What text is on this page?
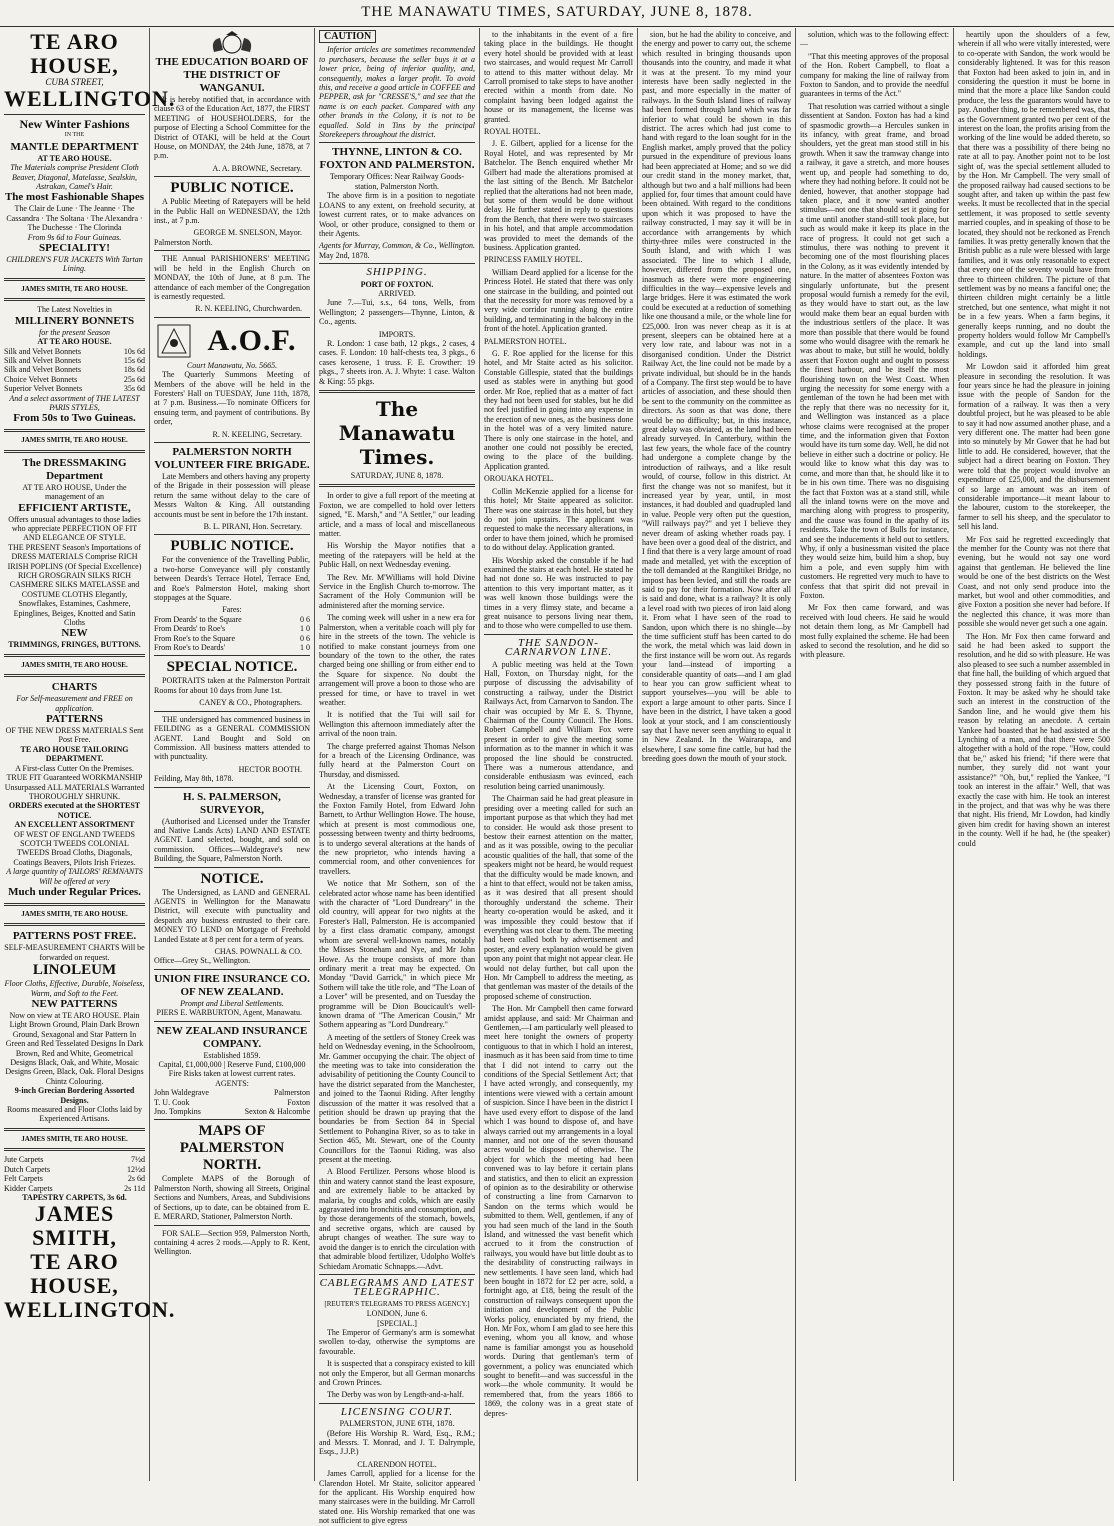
THE MANAWATU TIMES, SATURDAY, JUNE 8, 1878.
TE ARO HOUSE,
CUBA STREET,
WELLINGTON.
New Winter Fashions
IN THE
MANTLE DEPARTMENT
AT TE ARO HOUSE.
The Materials comprise President Cloth Beaver, Diagonal, Matelasse, Sealskin, Astrakan, Camel's Hair.
The most Fashionable Shapes
The Clair de Lune · The Jeanne · The Cassandra · The Soltana · The Alexandra · The Duchesse · The Clorinda
From 9s 6d to Four Guineas.
SPECIALITY!
CHILDREN'S FUR JACKETS With Tartan Lining.
JAMES SMITH, TE ARO HOUSE.
The Latest Novelties in
MILLINERY BONNETS
for the present Season
AT TE ARO HOUSE.
Silk and Velvet Bonnets	10s 6d
Silk and Velvet Bonnets	15s 6d
Silk and Velvet Bonnets	18s 6d
Choice Velvet Bonnets	25s 6d
Superior Velvet Bonnets	35s 6d
And a select assortment of THE LATEST PARIS STYLES,
From 50s to Two Guineas.
JAMES SMITH, TE ARO HOUSE.
The DRESSMAKING Department
AT TE ARO HOUSE, Under the management of an
EFFICIENT ARTISTE,
Offers unusual advantages to those ladies who appreciate PERFECTION OF FIT AND ELEGANCE OF STYLE.
THE PRESENT Season's Importations of DRESS MATERIALS Comprise RICH IRISH POPLINS (Of Special Excellence) RICH GROSGRAIN SILKS RICH CASHMERE SILKS MATELASSE and COSTUME CLOTHS Elegantly, Snowflakes, Estamines, Cashmere, Epinglines, Beiges, Knotted and Satin Cloths
NEW
TRIMMINGS, FRINGES, BUTTONS.
JAMES SMITH, TE ARO HOUSE.
CHARTS
For Self-measurement and FREE on application.
PATTERNS
OF THE NEW DRESS MATERIALS Sent Post Free.
TE ARO HOUSE TAILORING DEPARTMENT.
A First-class Cutter On the Premises.
TRUE FIT Guaranteed WORKMANSHIP Unsurpassed ALL MATERIALS Warranted THOROUGHLY SHRUNK.
ORDERS executed at the SHORTEST NOTICE.
AN EXCELLENT ASSORTMENT
OF WEST OF ENGLAND TWEEDS SCOTCH TWEEDS COLONIAL TWEEDS Broad Cloths, Diagonals, Coatings Beavers, Pilots Irish Friezes.
A large quantity of TAILORS' REMNANTS Will be offered at very
Much under Regular Prices.
JAMES SMITH, TE ARO HOUSE.
PATTERNS POST FREE.
SELF-MEASUREMENT CHARTS Will be forwarded on request.
LINOLEUM
Floor Cloths, Effective, Durable, Noiseless, Warm, and Soft to the Feet.
NEW PATTERNS
Now on view at TE ARO HOUSE. Plain Light Brown Ground, Plain Dark Brown Ground, Sexagonal and Star Pattern In Green and Red Tesselated Designs In Dark Brown, Red and White, Geometrical Designs Black, Oak, and White, Mosaic Designs Green, Black, Oak. Floral Designs Chintz Colouring.
9-inch Grecian Bordering Assorted Designs.
Rooms measured and Floor Cloths laid by Experienced Artisans.
JAMES SMITH, TE ARO HOUSE.
Jute Carpets	7½d
Dutch Carpets	12½d
Felt Carpets	2s 6d
Kidder Carpets	2s 11d
TAPESTRY CARPETS, 3s 6d.
JAMES SMITH,
TE ARO HOUSE,
WELLINGTON.
THE EDUCATION BOARD OF THE DISTRICT OF WANGANUI.

It is hereby notified that, in accordance with clause 63 of the Education Act, 1877, the FIRST MEETING of HOUSEHOLDERS, for the purpose of Electing a School Committee for the District of OTAKI, will be held at the Court House, on MONDAY, the 24th June, 1878, at 7 p.m.

A. A. BROWNE, Secretary.
PUBLIC NOTICE.

A Public Meeting of Ratepayers will be held in the Public Hall on WEDNESDAY, the 12th inst., at 7 p.m.

GEORGE M. SNELSON, Mayor.
Palmerston North.

THE Annual PARISHIONERS' MEETING will be held in the English Church on MONDAY, the 10th of June, at 8 p.m. The attendance of each member of the Congregation is earnestly requested.

R. N. KEELING, Churchwarden.
A.O.F.
Court Manawatu, No. 5665.

The Quarterly Summons Meeting of Members of the above will be held in the Foresters' Hall on TUESDAY, June 11th, 1878, at 7 p.m. Business.—To nominate Officers for ensuing term, and payment of contributions. By order,

R. N. KEELING, Secretary.
PALMERSTON NORTH VOLUNTEER FIRE BRIGADE.

Late Members and others having any property of the Brigade in their possession will please return the same without delay to the care of Messrs Walton & King. All outstanding accounts must be sent in before the 17th instant.

B. L. PIRANI, Hon. Secretary.
PUBLIC NOTICE.

For the convenience of the Travelling Public, a two-horse Conveyance will ply constantly between Deards's Terrace Hotel, Terrace End, and Roe's Palmerston Hotel, making short stoppages at the Square.

Fares:
From Deards' to the Square	0 6
From Deards' to Roe's	1 0
From Roe's to the Square	0 6
From Roe's to Deards'	1 0
SPECIAL NOTICE.

PORTRAITS taken at the Palmerston Portrait Rooms for about 10 days from June 1st.

CANEY & CO., Photographers.

THE undersigned has commenced business in FEILDING as a GENERAL COMMISSION AGENT. Land Bought and Sold on Commission. All business matters attended to with punctuality.

HECTOR BOOTH.
Feilding, May 8th, 1878.
H. S. PALMERSON, SURVEYOR,

(Authorised and Licensed under the Transfer and Native Lands Acts) LAND AND ESTATE AGENT. Land selected, bought, and sold on commission. Offices—Waldegrave's new Building, the Square, Palmerston North.

NOTICE.

The Undersigned, as LAND and GENERAL AGENTS in Wellington for the Manawatu District, will execute with punctuality and despatch any business entrusted to their care. MONEY TO LEND on Mortgage of Freehold Landed Estate at 8 per cent for a term of years.

CHAS. POWNALL & CO.
Office—Grey St., Wellington.
UNION FIRE INSURANCE CO. OF NEW ZEALAND.
Prompt and Liberal Settlements.
PIERS E. WARBURTON, Agent, Manawatu.
NEW ZEALAND INSURANCE COMPANY.
Established 1859.
Capital, £1,000,000 | Reserve Fund, £100,000
Fire Risks taken at lowest current rates.
AGENTS:
John Waldegrave	Palmerston
T. U. Cook	Foxton
Jno. Tompkins	Sexton & Halcombe
MAPS OF PALMERSTON NORTH.

Complete MAPS of the Borough of Palmerston North, showing all Streets, Original Sections and Numbers, Areas, and Subdivisions of Sections, up to date, can be obtained from E. E. MERARD, Stationer, Palmerston North.

FOR SALE—Section 959, Palmerston North, containing 4 acres 2 roods.—Apply to R. Kent, Wellington.

CAUTION

Inferior articles are sometimes recommended to purchasers, because the seller buys it at a lower price, being of inferior quality, and, consequently, makes a larger profit. To avoid this, and receive a good article in COFFEE and PEPPER, ask for "CRESSE'S," and see that the name is on each packet. Compared with any other brands in the Colony, it is not to be equalled. Sold in Tins by the principal Storekeepers throughout the district.

THYNNE, LINTON & CO. FOXTON AND PALMERSTON.
Temporary Offices: Near Railway Goods-station, Palmerston North.

The above firm is in a position to negotiate LOANS to any extent, on freehold security, at lowest current rates, or to make advances on Wool, or other produce, consigned to them or their Agents.

Agents for Murray, Common, & Co., Wellington.
May 2nd, 1878.
SHIPPING.
PORT OF FOXTON.
ARRIVED.

June 7.—Tui, s.s., 64 tons, Wells, from Wellington; 2 passengers—Thynne, Linton, & Co., agents.

IMPORTS.

R. London: 1 case bath, 12 pkgs., 2 cases, 4 cases. F. London: 10 half-chests tea, 3 pkgs., 6 cases kerosene, 1 truss. F. E. Crowther: 19 pkgs., 7 sheets iron. A. J. Whyte: 1 case. Walton & King: 55 pkgs.

The Manawatu Times.
SATURDAY, JUNE 8, 1878.

In order to give a full report of the meeting at Foxton, we are compelled to hold over letters signed, "E. Marsh," and "A Settler," our leading article, and a mass of local and miscellaneous matter.

His Worship the Mayor notifies that a meeting of the ratepayers will be held at the Public Hall, on next Wednesday evening.

The Rev. Mr. M'Williams will hold Divine Service in the English Church to-morrow. The Sacrament of the Holy Communion will be administered after the morning service.

The coming week will usher in a new era for Palmerston, when a veritable coach will ply for hire in the streets of the town. The vehicle is notified to make constant journeys from one boundary of the town to the other, the rates charged being one shilling or from either end to the Square for sixpence. No doubt the arrangement will prove a boon to those who are pressed for time, or have to travel in wet weather.

It is notified that the Tui will sail for Wellington this afternoon immediately after the arrival of the noon train.

The charge preferred against Thomas Nelson for a breach of the Licensing Ordinance, was fully heard at the Palmerston Court on Thursday, and dismissed.

At the Licensing Court, Foxton, on Wednesday, a transfer of license was granted for the Foxton Family Hotel, from Edward John Barnett, to Arthur Wellington Howe. The house, which at present is most commodious one, possessing between twenty and thirty bedrooms, is to undergo several alterations at the hands of the new proprietor, who intends having a commercial room, and other conveniences for travellers.

We notice that Mr Sothern, son of the celebrated actor whose name has been identified with the character of "Lord Dundreary" in the old country, will appear for two nights at the Forester's Hall, Palmerston. He is accompanied by a first class dramatic company, amongst whom are several well-known names, notably the Misses Stoneham and Nye, and Mr John Howe. As the troupe consists of more than ordinary merit a treat may be expected. On Monday "David Garrick," in which piece Mr Sothern will take the title role, and "The Loan of a Lover" will be presented, and on Tuesday the programme will be Dion Boucicault's well-known drama of "The American Cousin," Mr Sothern appearing as "Lord Dundreary."

A meeting of the settlers of Stoney Creek was held on Wednesday evening, in the Schoolroom, Mr. Gammer occupying the chair. The object of the meeting was to take into consideration the advisability of petitioning the County Council to have the district separated from the Manchester, and joined to the Taonui Riding. After lengthy discussion of the matter it was resolved that a petition should be drawn up praying that the boundaries be from Section 84 in Special Settlement to Pohangina River, so as to take in Section 465, Mt. Stewart, one of the County Councillors for the Taonui Riding, was also present at the meeting.

A Blood Fertilizer. Persons whose blood is thin and watery cannot stand the least exposure, and are extremely liable to be attacked by malaria, by coughs and colds, which are easily aggravated into bronchitis and consumption, and by those derangements of the stomach, bowels, and secretive organs, which are caused by abrupt changes of weather. The sure way to avoid the danger is to enrich the circulation with that admirable blood fertilizer, Udolpho Wolfe's Schiedam Aromatic Schnapps.—Advt.

CABLEGRAMS AND LATEST TELEGRAPHIC.
[REUTER'S TELEGRAMS TO PRESS AGENCY.]
LONDON, June 6.
[SPECIAL.]

The Emperor of Germany's arm is somewhat swollen to-day, otherwise the symptoms are favourable.

It is suspected that a conspiracy existed to kill not only the Emperor, but all German monarchs and Crown Princes.

The Derby was won by Length-and-a-half.

LICENSING COURT.
PALMERSTON, JUNE 6TH, 1878.

(Before His Worship R. Ward, Esq., R.M.; and Messrs. T. Monrad, and J. T. Dalrymple, Esqs., J.J.P.)

CLARENDON HOTEL.

James Carroll, applied for a license for the Clarendon Hotel. Mr Staite, solicitor appeared for the applicant. His Worship enquired how many staircases were in the building. Mr Carroll stated one. His Worship remarked that one was not sufficient to give egress

to the inhabitants in the event of a fire taking place in the buildings. He thought every hotel should be provided with at least two staircases, and would request Mr Carroll to attend to this matter without delay. Mr Carroll promised to take steps to have another erected within a month from date. No complaint having been lodged against the house or its management, the license was granted.

ROYAL HOTEL.

J. E. Gilbert, applied for a license for the Royal Hotel, and was represented by Mr Batchelor. The Bench enquired whether Mr Gilbert had made the alterations promised at the last sitting of the Bench. Mr Batchelor replied that the alterations had not been made, but some of them would be done without delay. He further stated in reply to questions from the Bench, that there were two staircases in his hotel, and that ample accommodation was provided to meet the demands of the business. Application granted.

PRINCESS FAMILY HOTEL.

William Deard applied for a license for the Princess Hotel. He stated that there was only one staircase in the building, and pointed out that the necessity for more was removed by a very wide corridor running along the entire building, and terminating in the balcony in the front of the hotel. Application granted.

PALMERSTON HOTEL.

G. F. Roe applied for the license for this hotel, and Mr Staite acted as his solicitor. Constable Gillespie, stated that the buildings used as stables were in anything but good order. Mr Roe, replied that as a matter of fact they had not been used for stables, but he did not feel justified in going into any expense in the erection of new ones, as the business done in the hotel was of a very limited nature. There is only one staircase in the hotel, and another one could not possibly be erected, owing to the place of the building. Application granted.

OROUAKA HOTEL.

Collin McKenzie applied for a license for this hotel; Mr Staite appeared as solicitor. There was one staircase in this hotel, but they do not join upstairs. The applicant was requested to make the necessary alterations, in order to have them joined, which he promised to do without delay. Application granted.

His Worship asked the constable if he had examined the stairs at each hotel. He stated he had not done so. He was instructed to pay attention to this very important matter, as it was well known those buildings were the times in a very flimsy state, and became a great nuisance to persons living near them, and to those who were compelled to use them.

THE SANDON-CARNARVON LINE.

A public meeting was held at the Town Hall, Foxton, on Thursday night, for the purpose of discussing the advisability of constructing a railway, under the District Railways Act, from Carnarvon to Sandon. The chair was occupied by Mr E. S. Thynne, Chairman of the County Council. The Hons. Robert Campbell and William Fox were present in order to give the meeting some information as to the manner in which it was proposed the line should be constructed. There was a numerous attendance, and considerable enthusiasm was evinced, each resolution being carried unanimously.

The Chairman said he had great pleasure in presiding over a meeting called for such an important purpose as that which they had met to consider. He would ask those present to bestow their earnest attention on the matter, and as it was possible, owing to the peculiar acoustic qualities of the hall, that some of the speakers might not be heard, he would request that the difficulty would be made known, and a hint to that effect, would not be taken amiss, as it was desired that all present should thoroughly understand the scheme. Their hearty co-operation would be asked, and it was impossible they could bestow that if everything was not clear to them. The meeting had been called both by advertisement and poster, and every explanation would be given upon any point that might not appear clear. He would not delay further, but call upon the Hon. Mr Campbell to address the meeting, as that gentleman was master of the details of the proposed scheme of construction.

The Hon. Mr Campbell then came forward amidst applause, and said: Mr Chairman and Gentlemen,—I am particularly well pleased to meet here tonight the owners of property contiguous to that in which I hold an interest, inasmuch as it has been said from time to time that I did not intend to carry out the conditions of the Special Settlement Act; that I have acted wrongly, and consequently, my intentions were viewed with a certain amount of suspicion. Since I have been in the district I have used every effort to dispose of the land which I was bound to dispose of, and have always carried out my arrangements in a loyal manner, and not one of the seven thousand acres would be disposed of otherwise. The object for which the meeting had been convened was to lay before it certain plans and statistics, and then to elicit an expression of opinion as to the desirability or otherwise of constructing a line from Carnarvon to Sandon on the terms which would be submitted to them. Well, gentlemen, if any of you had seen much of the land in the South Island, and witnessed the vast benefit which accrued to it from the construction of railways, you would have but little doubt as to the desirability of constructing railways in new settlements. I have seen land, which had been bought in 1872 for £2 per acre, sold, a fortnight ago, at £18, being the result of the construction of railways consequent upon the initiation and development of the Public Works policy, enunciated by my friend, the Hon. Mr Fox, whom I am glad to see here this evening, whom you all know, and whose name is familiar amongst you as household words. During that gentleman's term of government, a policy was enunciated which sought to benefit—and was successful in the work—the whole community. It would be remembered that, from the years 1866 to 1869, the colony was in a great state of depres-

sion, but he had the ability to conceive, and the energy and power to carry out, the scheme which resulted in bringing thousands upon thousands into the country, and made it what it was at the present. To my mind your interests have been sadly neglected in the past, and more especially in the matter of railways. In the South Island lines of railway had been formed through land which was far inferior to what could be shown in this district. The acres which had just come to hand with regard to the loan sought for in the English market, amply proved that the policy pursued in the expenditure of previous loans had been appreciated at Home; and so we did our credit stand in the money market, that, although but two and a half millions had been applied for, four times that amount could have been obtained. With regard to the conditions upon which it was proposed to have the railway constructed, I may say it will be in accordance with arrangements by which thirty-three miles were constructed in the South Island, and with which I was associated. The line to which I allude, however, differed from the proposed one, inasmuch as there were more engineering difficulties in the way—expensive levels and large bridges. Here it was estimated the work could be executed at a reduction of something like one thousand a mile, or the whole line for £25,000. Iron was never cheap as it is at present, sleepers can be obtained here at a very low rate, and labour was not in a disorganised condition. Under the District Railway Act, the line could not be made by a private individual, but should be in the hands of a Company. The first step would be to have articles of association, and these should then be sent to the community on the committee as directors. As soon as that was done, there would be no difficulty; but, in this instance, great delay was obviated, as the land had been already surveyed. In Canterbury, within the last few years, the whole face of the country had undergone a complete change by the introduction of railways, and a like result would, of course, follow in this district. At first the change was not so manifest, but it increased year by year, until, in most instances, it had doubled and quadrupled land in value. People very often put the question, "Will railways pay?" and yet I believe they never dream of asking whether roads pay. I have been over a good deal of the district, and I find that there is a very large amount of road made and metalled, yet with the exception of the toll demanded at the Rangitikei Bridge, no impost has been levied, and still the roads are said to pay for their formation. Now after all is said and done, what is a railway? It is only a level road with two pieces of iron laid along it. From what I have seen of the road to Sandon, upon which there is no shingle—by the time sufficient stuff has been carted to do the work, the metal which was laid down in the first instance will be worn out. As regards your land—instead of importing a considerable quantity of oats—and I am glad to hear you can grow sufficient wheat to support yourselves—you will be able to export a large amount to other parts. Since I have been in the district, I have taken a good look at your stock, and I am conscientiously say that I have never seen anything to equal it in New Zealand. In the Wairarapa, and elsewhere, I saw some fine cattle, but had the breeding goes down the mouth of your stock.

solution, which was to the following effect:—

"That this meeting approves of the proposal of the Hon. Robert Campbell, to float a company for making the line of railway from Foxton to Sandon, and to provide the needful guarantees in terms of the Act."

That resolution was carried without a single dissentient at Sandon. Foxton has had a kind of spasmodic growth—a Hercules sunken in its infancy, with great frame, and broad shoulders, yet the great man stood still in his growth. When it saw the tramway change into a railway, it gave a stretch, and more houses went up, and people had something to do, where they had nothing before. It could not be denied, however, that another stoppage had taken place, and it now wanted another stimulus—not one that should set it going for a time until another stand-still took place, but such as would make it keep its place in the race of progress. It could not get such a stimulus, there was nothing to prevent it becoming one of the most flourishing places in the Colony, as it was evidently intended by nature. In the matter of absentees Foxton was singularly unfortunate, but the present proposal would furnish a remedy for the evil, as they would have to start out, as the law would make them bear an equal burden with the industrious settlers of the place. It was more than possible that there would be found some who would disagree with the remark he was about to make, but still he would, boldly assert that Foxton ought and ought to possess the finest harbour, and be itself the most flourishing town on the West Coast. When urging the necessity for some energy with a gentleman of the town he had been met with the reply that there was no necessity for it, and Wellington was instanced as a place whose claims were recognised at the proper time, and the information given that Foxton would have its turn some day. Well, he did not believe in either such a doctrine or policy. He would like to know what this day was to come, and more than that, he should like it to be in his own time. There was no disguising the fact that Foxton was at a stand still, while all the inland towns were on the move and marching along with progress to prosperity, and the cause was found in the apathy of its residents. Take the town of Bulls for instance, and see the inducements it held out to settlers. Why, if only a businessman visited the place they would seize him, build him a shop, buy him a pole, and even supply him with customers. He regretted very much to have to confess that that spirit did not prevail in Foxton.

Mr Fox then came forward, and was received with loud cheers. He said he would not detain them long, as Mr Campbell had most fully explained the scheme. He had been asked to second the resolution, and he did so with pleasure.

heartily upon the shoulders of a few, wherein if all who were vitally interested, were to co-operate with Sandon, the work would be considerably lightened. It was for this reason that Foxton had been asked to join in, and in considering the question it must be borne in mind that the more a place like Sandon could produce, the less the guarantors would have to pay. Another thing, to be remembered was, that as the Government granted two per cent of the interest on the loan, the profits arising from the working of the line would be added thereto, so that there was a possibility of there being no rate at all to pay. Another point not to be lost sight of, was the special settlement alluded to by the Hon. Mr Campbell. The very small of the proposed railway had caused sections to be sought after, and taken up within the past few weeks. It must be recollected that in the special settlement, it was proposed to settle seventy married couples, and in speaking of those to be located, they should not be reckoned as French families. It was pretty generally known that the British public as a rule were blessed with large families, and it was only reasonable to expect that every one of the seventy would have from three to thirteen children. The picture of that settlement was by no means a fanciful one; the thirteen children might certainly be a little stretched, but one sentence, what might it not be in a few years. When a farm begins, it generally keeps running, and no doubt the property holders would follow Mr Campbell's example, and cut up the land into small holdings.

Mr Lowdon said it afforded him great pleasure in seconding the resolution. It was four years since he had the pleasure in joining issue with the people of Sandon for the formation of a railway. It was then a very doubtful project, but he was pleased to be able to say it had now assumed another phase, and a very different one. The matter had been gone into so minutely by Mr Gower that he had but little to add. He considered, however, that the subject had a direct bearing on Foxton. They were told that the project would involve an expenditure of £25,000, and the disbursement of so large an amount was an item of considerable importance—it meant labour to the labourer, custom to the storekeeper, the farmer to sell his sheep, and the speculator to sell his land.

Mr Fox said he regretted exceedingly that the member for the County was not there that evening, but he would not say one word against that gentleman. He believed the line would be one of the best districts on the West Coast, and not only send produce into the market, but wool and other commodities, and give Foxton a position she never had before. If the neglected this chance, it was more than possible she would never get such a one again.

The Hon. Mr Fox then came forward and said he had been asked to support the resolution, and he did so with pleasure. He was also pleased to see such a number assembled in that fine hall, the building of which argued that they possessed strong faith in the future of Foxton. It may be asked why he should take such an interest in the construction of the Sandon line, and he would give them his reason by relating an anecdote. A certain Yankee had boasted that he had assisted at the Lynching of a man, and that there were 500 altogether with a hold of the rope. "How, could that be," asked his friend; "if there were that number, they surely did not want your assistance?" "Oh, but," replied the Yankee, "I took an interest in the affair." Well, that was exactly the case with him. He took an interest in the project, and that was why he was there that night. His friend, Mr Lowdon, had kindly given him credit for having shown an interest in the county. Well if he had, he (the speaker) could
